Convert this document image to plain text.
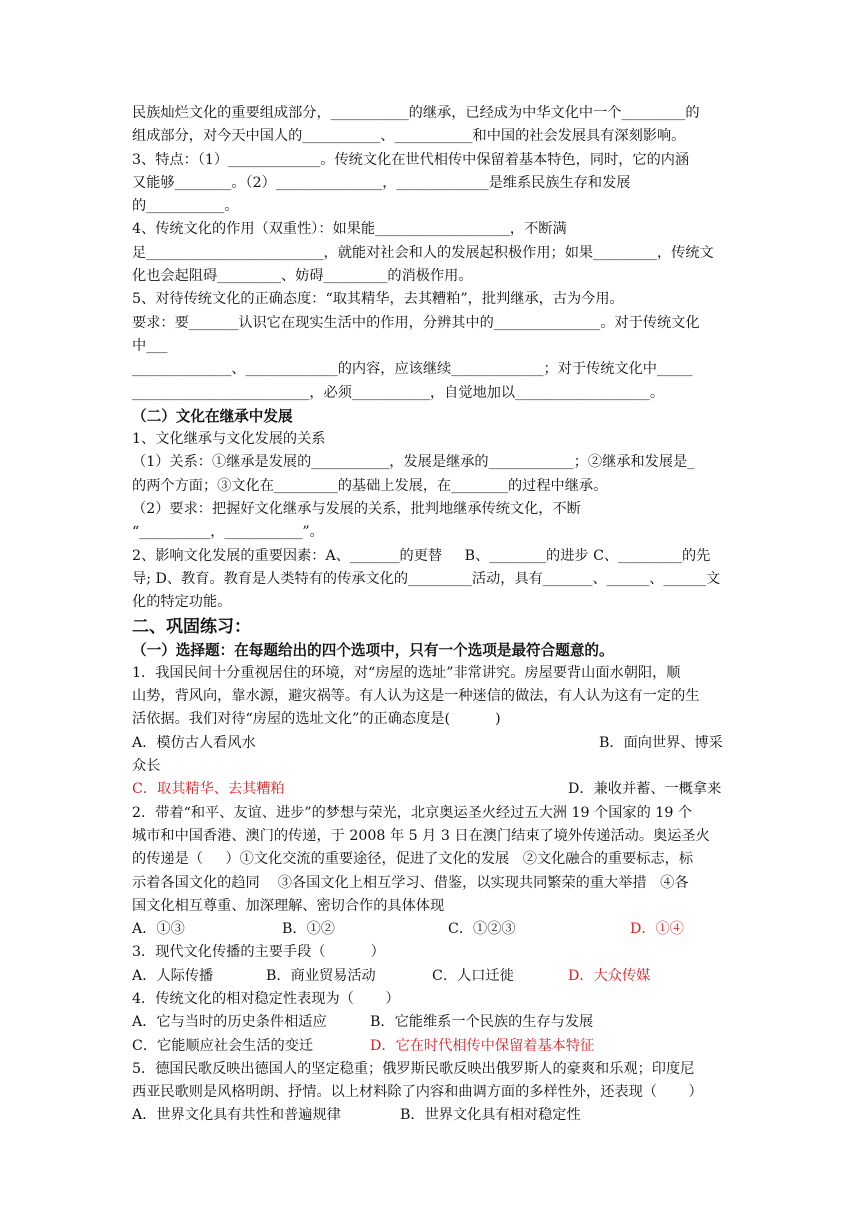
民族灿烂文化的重要组成部分，___________的继承，已经成为中华文化中一个_________的
组成部分，对今天中国人的___________、___________和中国的社会发展具有深刻影响。
3、特点：（1）_____________。传统文化在世代相传中保留着基本特色，同时，它的内涵
又能够________。（2）_______________，_____________是维系民族生存和发展
的___________。
4、传统文化的作用（双重性）：如果能___________________，不断满
足_________________________，就能对社会和人的发展起积极作用；如果_________，传统文
化也会起阻碍_________、妨碍_________的消极作用。
5、对待传统文化的正确态度：“取其精华，去其糟粕”，批判继承，古为今用。
要求：要_______认识它在现实生活中的作用，分辨其中的_______________。对于传统文化
中___
______________、_____________的内容，应该继续_____________；对于传统文化中_____
_________________________，必须___________，自觉地加以___________________。
（二）文化在继承中发展
1、文化继承与文化发展的关系
（1）关系：①继承是发展的___________，发展是继承的____________；②继承和发展是_
的两个方面；③文化在_________的基础上发展，在________的过程中继承。
（2）要求：把握好文化继承与发展的关系，批判地继承传统文化，不断
“__________，___________”。
2、影响文化发展的重要因素：A、_______的更替     B、________的进步 C、_________的先
导; D、教育。教育是人类特有的传承文化的_________活动，具有_______、______、______文
化的特定功能。
二、巩固练习：
（一）选择题：在每题给出的四个选项中，只有一个选项是最符合题意的。
1．我国民间十分重视居住的环境，对“房屋的选址”非常讲究。房屋要背山面水朝阳，顺
山势，背风向，靠水源，避灾祸等。有人认为这是一种迷信的做法，有人认为这有一定的生
活依据。我们对待“房屋的选址文化”的正确态度是(          )
A．模仿古人看风水	B．面向世界、博采
众长
C．取其精华、去其糟粕	D．兼收并蓄、一概拿来
2．带着“和平、友谊、进步”的梦想与荣光，北京奥运圣火经过五大洲 19 个国家的 19 个
城市和中国香港、澳门的传递，于 2008 年 5 月 3 日在澳门结束了境外传递活动。奥运圣火
的传递是（     ）①文化交流的重要途径，促进了文化的发展   ②文化融合的重要标志，标
示着各国文化的趋同    ③各国文化上相互学习、借鉴，以实现共同繁荣的重大举措   ④各
国文化相互尊重、加深理解、密切合作的具体体现
A．①③	B．①②	C．①②③	D．①④
3．现代文化传播的主要手段（          ）
A．人际传播	B．商业贸易活动	C．人口迁徙	D．大众传媒
4．传统文化的相对稳定性表现为（       ）
A．它与当时的历史条件相适应	B．它能维系一个民族的生存与发展
C．它能顺应社会生活的变迁	D．它在时代相传中保留着基本特征
5．德国民歌反映出德国人的坚定稳重；俄罗斯民歌反映出俄罗斯人的豪爽和乐观；印度尼
西亚民歌则是风格明朗、抒情。以上材料除了内容和曲调方面的多样性外，还表现（       ）
A．世界文化具有共性和普遍规律	B．世界文化具有相对稳定性
